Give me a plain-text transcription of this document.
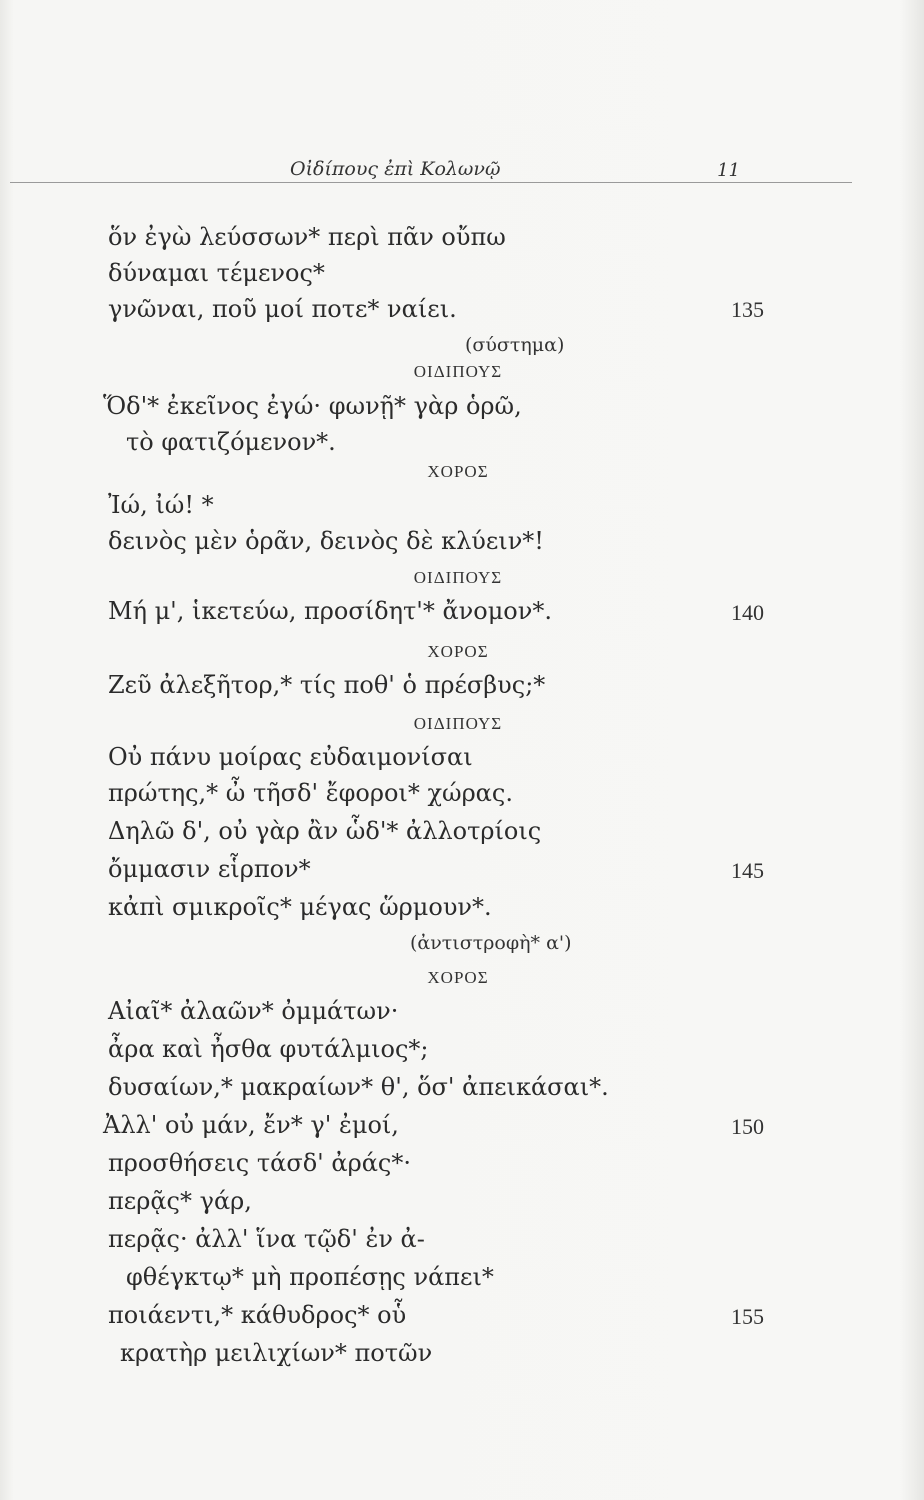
Οἰδίπους ἐπὶ Κολωνῷ	11
ὅν ἐγὼ λεύσσων* περὶ πᾶν οὔπω
δύναμαι τέμενος*
γνῶναι, ποῦ μοί ποτε* ναίει.	135
(σύστημα)
ΟΙΔΙΠΟΥΣ
Ὅδ'* ἐκεῖνος ἐγώ· φωνῇ* γὰρ ὁρῶ,
τὸ φατιζόμενον*.
ΧΟΡΟΣ
Ἰώ, ἰώ! *
δεινὸς μὲν ὁρᾶν, δεινὸς δὲ κλύειν*!
ΟΙΔΙΠΟΥΣ
Μή μ', ἱκετεύω, προσίδητ'* ἄνομον*.	140
ΧΟΡΟΣ
Ζεῦ ἀλεξῆτορ,* τίς ποθ' ὁ πρέσβυς;*
ΟΙΔΙΠΟΥΣ
Οὐ πάνυ μοίρας εὐδαιμονίσαι
πρώτης,* ὦ τῆσδ' ἔφοροι* χώρας.
Δηλῶ δ', οὐ γὰρ ἂν ὧδ'* ἀλλοτρίοις
ὄμμασιν εἷρπον*	145
κἀπὶ σμικροῖς* μέγας ὥρμουν*.
(ἀντιστροφὴ* α')
ΧΟΡΟΣ
Αἰαῖ* ἀλαῶν* ὀμμάτων·
ἆρα καὶ ἦσθα φυτάλμιος*;
δυσαίων,* μακραίων* θ', ὅσ' ἀπεικάσαι*.
Ἀλλ' οὐ μάν, ἔν* γ' ἐμοί,	150
προσθήσεις τάσδ' ἀράς*·
περᾷς* γάρ,
περᾷς· ἀλλ' ἵνα τῷδ' ἐν ἀ-
φθέγκτῳ* μὴ προπέσῃς νάπει*
ποιάεντι,* κάθυδρος* οὗ	155
κρατὴρ μειλιχίων* ποτῶν
